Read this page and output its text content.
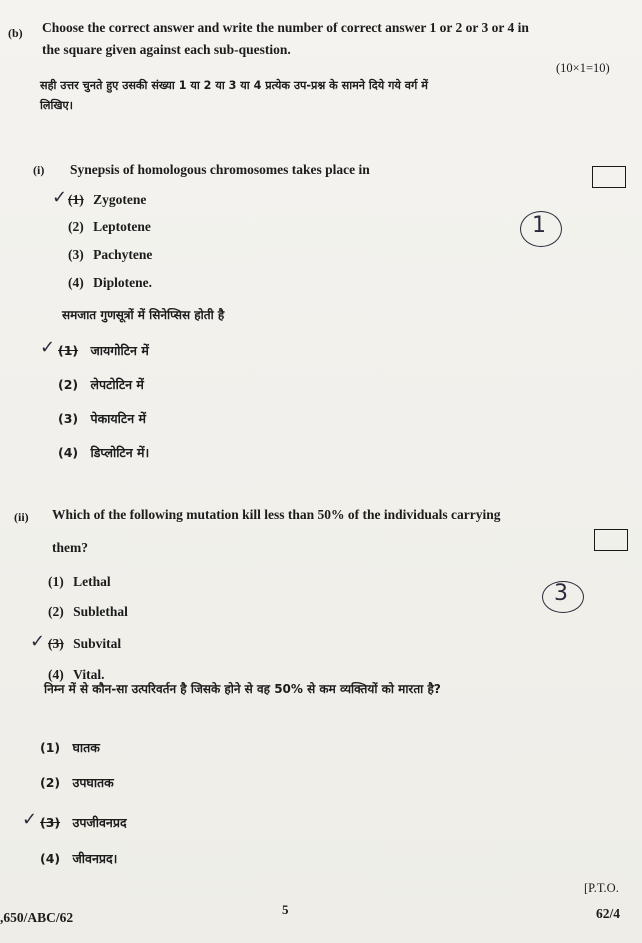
(b) Choose the correct answer and write the number of correct answer 1 or 2 or 3 or 4 in
the square given against each sub-question.
(10×1=10)
सही उत्तर चुनते हुए उसकी संख्या 1 या 2 या 3 या 4 प्रत्येक उप-प्रश्न के सामने दिये गये वर्ग में
लिखिए।
(i) Synepsis of homologous chromosomes takes place in
(1) Zygotene
(2) Leptotene
(3) Pachytene
(4) Diplotene.
समजात गुणसूत्रों में सिनेप्सिस होती है
(1) जायगोटिन में
(2) लेपटोटिन में
(3) पेकायटिन में
(4) डिप्लोटिन में।
✓
✓
1
(ii) Which of the following mutation kill less than 50% of the individuals carrying
them?
(1) Lethal
(2) Sublethal
(3) Subvital
(4) Vital.
निम्न में से कौन-सा उत्परिवर्तन है जिसके होने से वह 50% से कम व्यक्तियों को मारता है?
(1) घातक
(2) उपघातक
(3) उपजीवनप्रद
(4) जीवनप्रद।
✓
✓
3
,650/ABC/62
5
[P.T.O.
62/4
